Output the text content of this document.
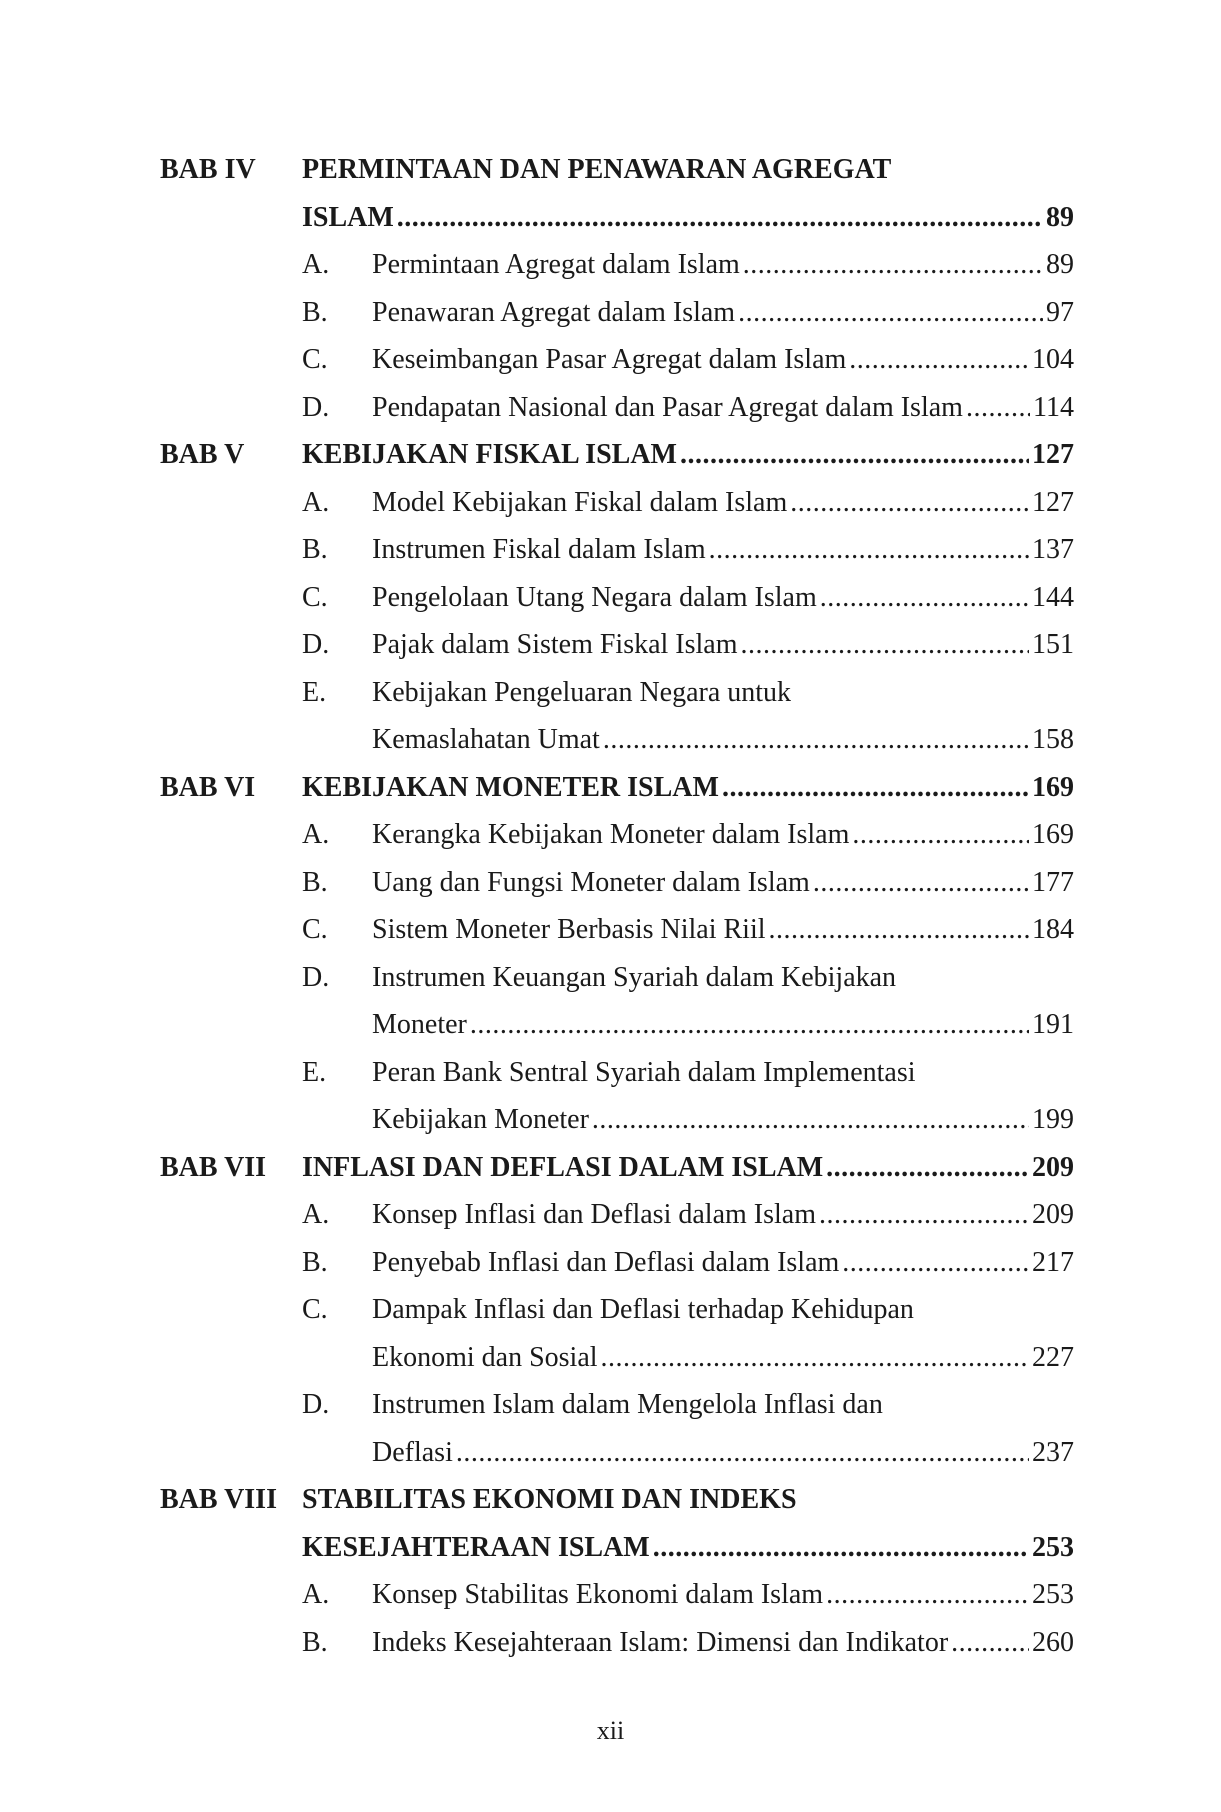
BAB IV	PERMINTAAN DAN PENAWARAN AGREGAT
ISLAM .....	89
A.	Permintaan Agregat dalam Islam .....	89
B.	Penawaran Agregat dalam Islam .....	97
C.	Keseimbangan Pasar Agregat dalam Islam .....	104
D.	Pendapatan Nasional dan Pasar Agregat dalam Islam .....	114
BAB V	KEBIJAKAN FISKAL ISLAM .....	127
A.	Model Kebijakan Fiskal dalam Islam .....	127
B.	Instrumen Fiskal dalam Islam .....	137
C.	Pengelolaan Utang Negara dalam Islam .....	144
D.	Pajak dalam Sistem Fiskal Islam .....	151
E.	Kebijakan Pengeluaran Negara untuk
Kemaslahatan Umat .....	158
BAB VI	KEBIJAKAN MONETER ISLAM .....	169
A.	Kerangka Kebijakan Moneter dalam Islam .....	169
B.	Uang dan Fungsi Moneter dalam Islam .....	177
C.	Sistem Moneter Berbasis Nilai Riil .....	184
D.	Instrumen Keuangan Syariah dalam Kebijakan
Moneter .....	191
E.	Peran Bank Sentral Syariah dalam Implementasi
Kebijakan Moneter .....	199
BAB VII	INFLASI DAN DEFLASI DALAM ISLAM .....	209
A.	Konsep Inflasi dan Deflasi dalam Islam .....	209
B.	Penyebab Inflasi dan Deflasi dalam Islam .....	217
C.	Dampak Inflasi dan Deflasi terhadap Kehidupan
Ekonomi dan Sosial .....	227
D.	Instrumen Islam dalam Mengelola Inflasi dan
Deflasi .....	237
BAB VIII STABILITAS EKONOMI DAN INDEKS
KESEJAHTERAAN ISLAM .....	253
A.	Konsep Stabilitas Ekonomi dalam Islam .....	253
B.	Indeks Kesejahteraan Islam: Dimensi dan Indikator .....	260
xii
